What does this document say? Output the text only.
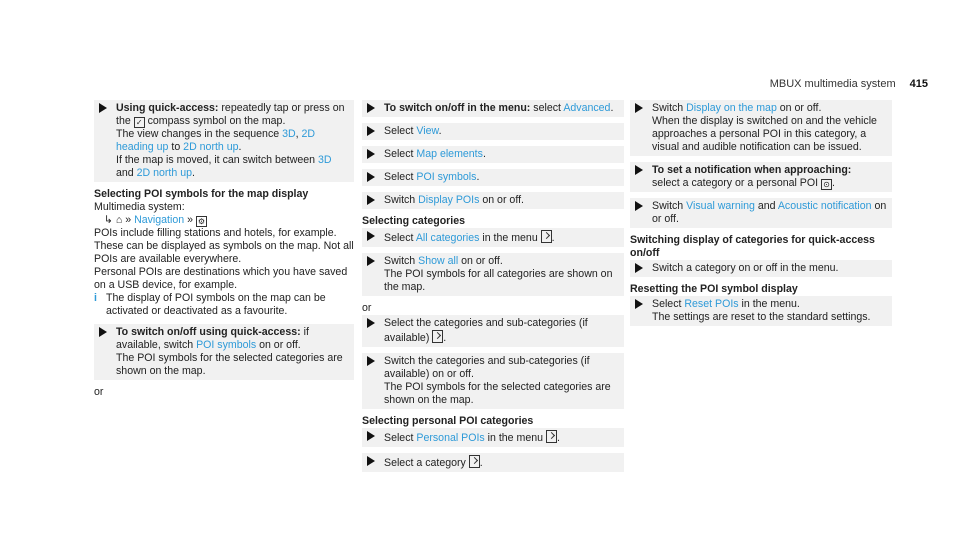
MBUX multimedia system 415
Using quick-access: repeatedly tap or press on the ✓ compass symbol on the map.
The view changes in the sequence 3D, 2D heading up to 2D north up.
If the map is moved, it can switch between 3D and 2D north up.
Selecting POI symbols for the map display
Multimedia system:
↳ ⌂ » Navigation » ⚙
POIs include filling stations and hotels, for example. These can be displayed as symbols on the map. Not all POIs are available everywhere.
Personal POIs are destinations which you have saved on a USB device, for example.
i The display of POI symbols on the map can be activated or deactivated as a favourite.
To switch on/off using quick-access: if available, switch POI symbols on or off.
The POI symbols for the selected categories are shown on the map.
or
To switch on/off in the menu: select Advanced.
Select View.
Select Map elements.
Select POI symbols.
Switch Display POIs on or off.
Selecting categories
Select All categories in the menu .
Switch Show all on or off.
The POI symbols for all categories are shown on the map.
or
Select the categories and sub-categories (if available) .
Switch the categories and sub-categories (if available) on or off.
The POI symbols for the selected categories are shown on the map.
Selecting personal POI categories
Select Personal POIs in the menu .
Select a category .
Switch Display on the map on or off.
When the display is switched on and the vehicle approaches a personal POI in this category, a visual and audible notification can be issued.
To set a notification when approaching:
select a category or a personal POI ⊙ .
Switch Visual warning and Acoustic notification on or off.
Switching display of categories for quick-access on/off
Switch a category on or off in the menu.
Resetting the POI symbol display
Select Reset POIs in the menu.
The settings are reset to the standard settings.
